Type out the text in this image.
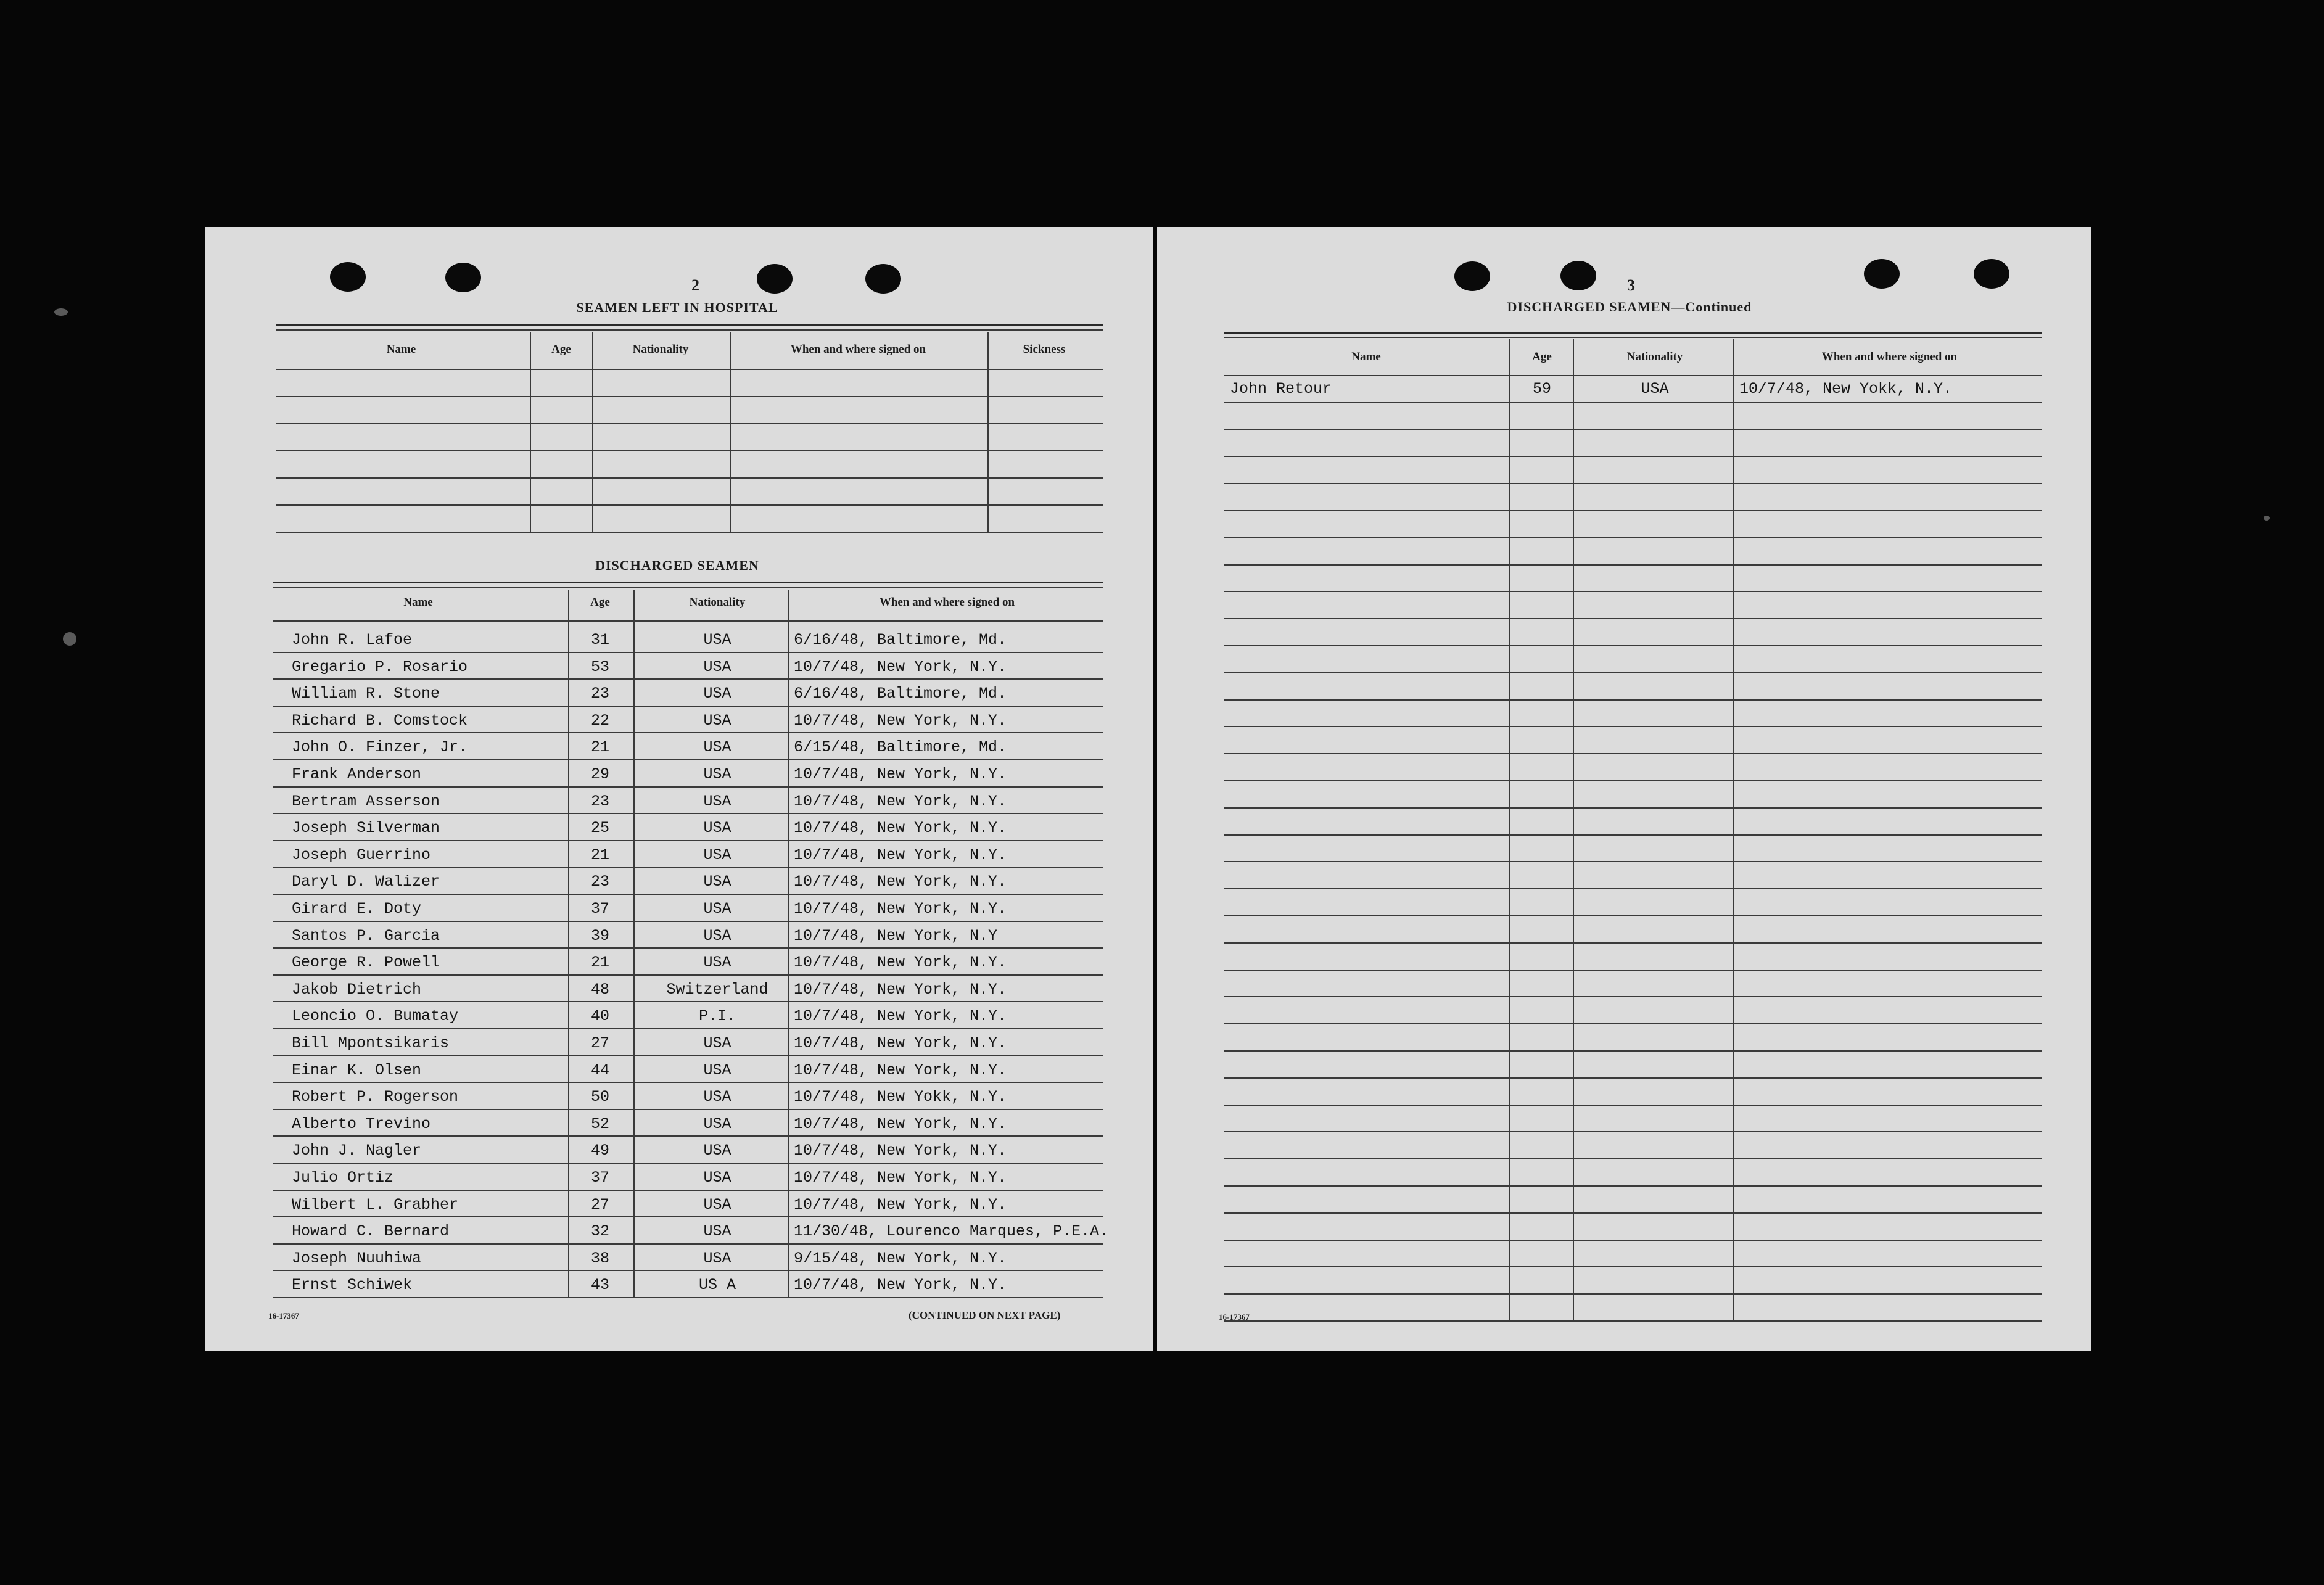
2
SEAMEN LEFT IN HOSPITAL
Name	Age	Nationality	When and where signed on	Sickness
DISCHARGED SEAMEN
Name	Age	Nationality	When and where signed on
John R. Lafoe	31	USA	6/16/48, Baltimore, Md.
Gregario P. Rosario	53	USA	10/7/48, New York, N.Y.
William R. Stone	23	USA	6/16/48, Baltimore, Md.
Richard B. Comstock	22	USA	10/7/48, New York, N.Y.
John O. Finzer, Jr.	21	USA	6/15/48, Baltimore, Md.
Frank Anderson	29	USA	10/7/48, New York, N.Y.
Bertram Asserson	23	USA	10/7/48, New York, N.Y.
Joseph Silverman	25	USA	10/7/48, New York, N.Y.
Joseph Guerrino	21	USA	10/7/48, New York, N.Y.
Daryl D. Walizer	23	USA	10/7/48, New York, N.Y.
Girard E. Doty	37	USA	10/7/48, New York, N.Y.
Santos P. Garcia	39	USA	10/7/48, New York, N.Y
George R. Powell	21	USA	10/7/48, New York, N.Y.
Jakob Dietrich	48	Switzerland	10/7/48, New York, N.Y.
Leoncio O. Bumatay	40	P.I.	10/7/48, New York, N.Y.
Bill Mpontsikaris	27	USA	10/7/48, New York, N.Y.
Einar K. Olsen	44	USA	10/7/48, New York, N.Y.
Robert P. Rogerson	50	USA	10/7/48, New Yokk, N.Y.
Alberto Trevino	52	USA	10/7/48, New York, N.Y.
John J. Nagler	49	USA	10/7/48, New York, N.Y.
Julio Ortiz	37	USA	10/7/48, New York, N.Y.
Wilbert L. Grabher	27	USA	10/7/48, New York, N.Y.
Howard C. Bernard	32	USA	11/30/48, Lourenco Marques, P.E.A.
Joseph Nuuhiwa	38	USA	9/15/48, New York, N.Y.
Ernst Schiwek	43	US A	10/7/48, New York, N.Y.
16-17367	(CONTINUED ON NEXT PAGE)
3
DISCHARGED SEAMEN—Continued
Name	Age	Nationality	When and where signed on
John Retour	59	USA	10/7/48, New Yokk, N.Y.
16-17367
